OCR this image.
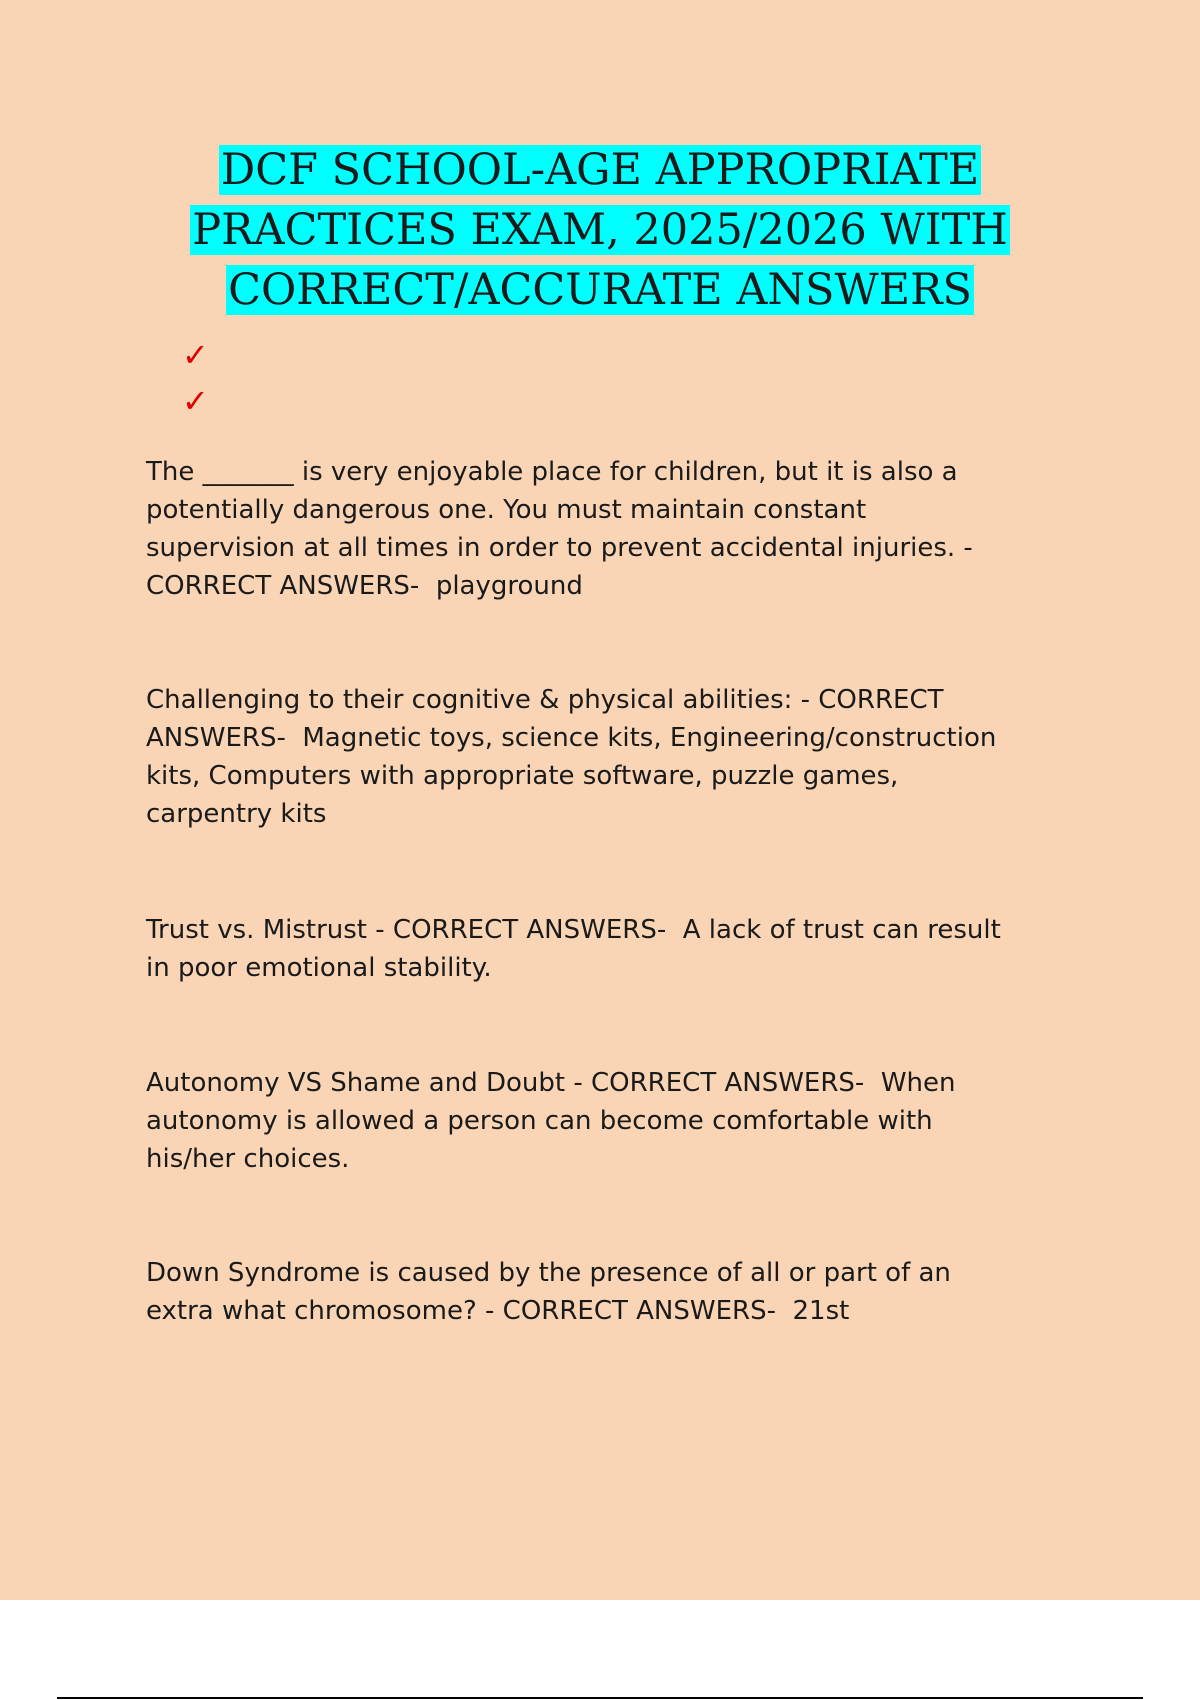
DCF SCHOOL-AGE APPROPRIATE
PRACTICES EXAM, 2025/2026 WITH
CORRECT/ACCURATE ANSWERS
✓
✓

The _______ is very enjoyable place for children, but it is also a
potentially dangerous one. You must maintain constant
supervision at all times in order to prevent accidental injuries. -
CORRECT ANSWERS-  playground

Challenging to their cognitive & physical abilities: - CORRECT
ANSWERS-  Magnetic toys, science kits, Engineering/construction
kits, Computers with appropriate software, puzzle games,
carpentry kits

Trust vs. Mistrust - CORRECT ANSWERS-  A lack of trust can result
in poor emotional stability.

Autonomy VS Shame and Doubt - CORRECT ANSWERS-  When
autonomy is allowed a person can become comfortable with
his/her choices.

Down Syndrome is caused by the presence of all or part of an
extra what chromosome? - CORRECT ANSWERS-  21st
